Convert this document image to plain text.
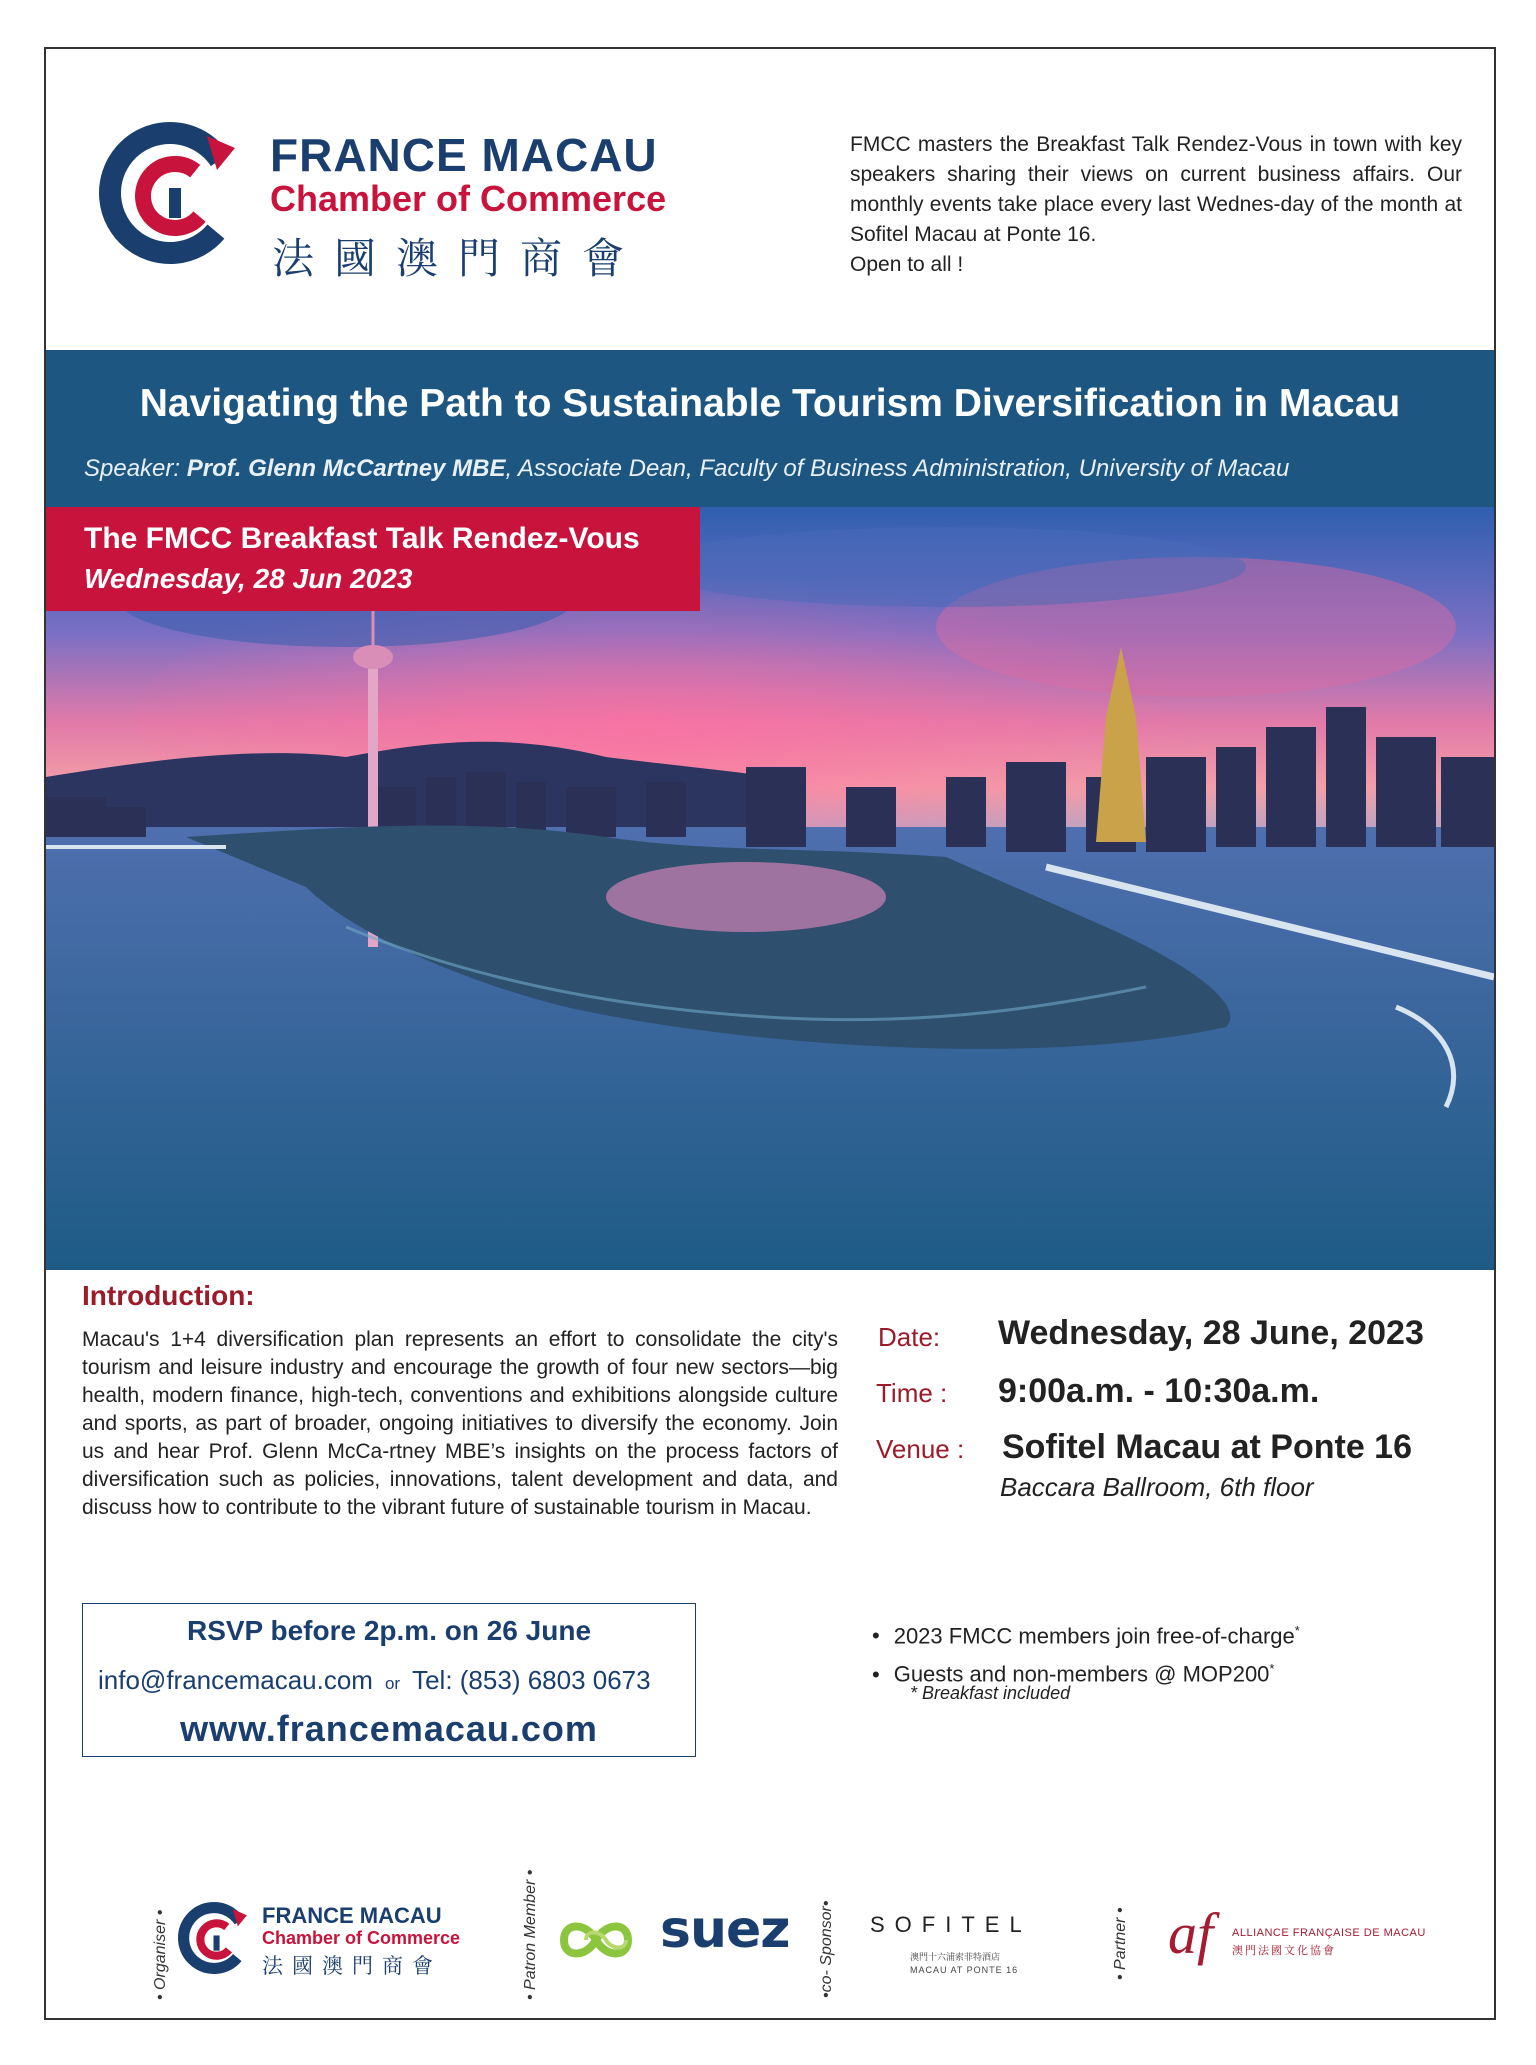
FRANCE MACAU
Chamber of Commerce
法國澳門商會
FMCC masters the Breakfast Talk Rendez-Vous in town with key speakers sharing their views on current business affairs. Our monthly events take place every last Wednes-day of the month at Sofitel Macau at Ponte 16.
Open to all !
Navigating the Path to Sustainable Tourism Diversification in Macau
Speaker: Prof. Glenn McCartney MBE, Associate Dean, Faculty of Business Administration, University of Macau
The FMCC Breakfast Talk Rendez-Vous
Wednesday, 28 Jun 2023
Introduction:
Macau's 1+4 diversification plan represents an effort to consolidate the city's tourism and leisure industry and encourage the growth of four new sectors—big health, modern finance, high-tech, conventions and exhibitions alongside culture and sports, as part of broader, ongoing initiatives to diversify the economy. Join us and hear Prof. Glenn McCa-rtney MBE’s insights on the process factors of diversification such as policies, innovations, talent development and data, and discuss how to contribute to the vibrant future of sustainable tourism in Macau.
Date: Wednesday, 28 June, 2023
Time : 9:00a.m. - 10:30a.m.
Venue : Sofitel Macau at Ponte 16
Baccara Ballroom, 6th floor
RSVP before 2p.m. on 26 June
info@francemacau.com or Tel: (853) 6803 0673
www.francemacau.com
• 2023 FMCC members join free-of-charge*
• Guests and non-members @ MOP200*
* Breakfast included
• Organiser •	FRANCE MACAU
Chamber of Commerce
法國澳門商會	• Patron Member • suez •co- Sponsor• SOFITEL
澳門十六浦索菲特酒店
MACAU AT PONTE 16	• Partner • af ALLIANCE FRANÇAISE DE MACAU
澳門法國文化協會
